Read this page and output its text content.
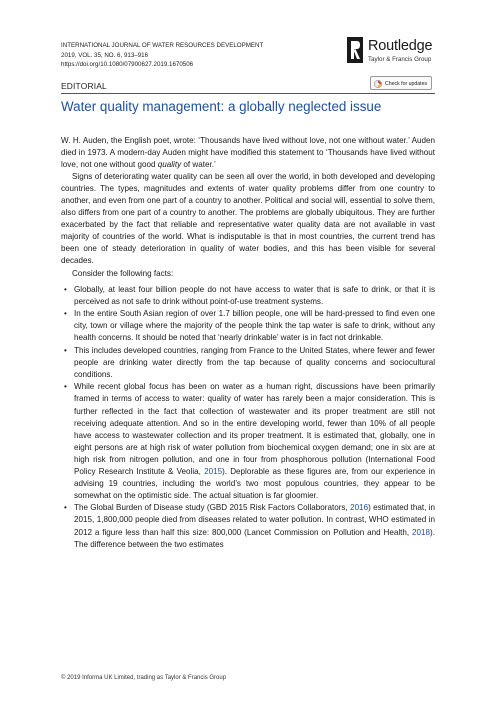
INTERNATIONAL JOURNAL OF WATER RESOURCES DEVELOPMENT
2019, VOL. 35, NO. 6, 913–916
https://doi.org/10.1080/07900627.2019.1670506
Routledge
Taylor & Francis Group
EDITORIAL	Check for updates
Water quality management: a globally neglected issue

W. H. Auden, the English poet, wrote: ‘Thousands have lived without love, not one without water.’ Auden died in 1973. A modern-day Auden might have modified this statement to ‘Thousands have lived without love, not one without good quality of water.’

Signs of deteriorating water quality can be seen all over the world, in both developed and developing countries. The types, magnitudes and extents of water quality problems differ from one country to another, and even from one part of a country to another. Political and social will, essential to solve them, also differs from one part of a country to another. The problems are globally ubiquitous. They are further exacerbated by the fact that reliable and representative water quality data are not available in vast majority of countries of the world. What is indisputable is that in most countries, the current trend has been one of steady deterioration in quality of water bodies, and this has been visible for several decades.

Consider the following facts:

• Globally, at least four billion people do not have access to water that is safe to drink, or that it is perceived as not safe to drink without point-of-use treatment systems.
• In the entire South Asian region of over 1.7 billion people, one will be hard-pressed to find even one city, town or village where the majority of the people think the tap water is safe to drink, without any health concerns. It should be noted that ‘nearly drinkable’ water is in fact not drinkable.
• This includes developed countries, ranging from France to the United States, where fewer and fewer people are drinking water directly from the tap because of quality concerns and sociocultural conditions.
• While recent global focus has been on water as a human right, discussions have been primarily framed in terms of access to water: quality of water has rarely been a major consideration. This is further reflected in the fact that collection of wastewater and its proper treatment are still not receiving adequate attention. And so in the entire developing world, fewer than 10% of all people have access to wastewater collection and its proper treatment. It is estimated that, globally, one in eight persons are at high risk of water pollution from biochemical oxygen demand; one in six are at high risk from nitrogen pollution, and one in four from phosphorous pollution (International Food Policy Research Institute & Veolia, 2015). Deplorable as these figures are, from our experience in advising 19 countries, including the world’s two most populous countries, they appear to be somewhat on the optimistic side. The actual situation is far gloomier.
• The Global Burden of Disease study (GBD 2015 Risk Factors Collaborators, 2016) estimated that, in 2015, 1,800,000 people died from diseases related to water pollution. In contrast, WHO estimated in 2012 a figure less than half this size: 800,000 (Lancet Commission on Pollution and Health, 2018). The difference between the two estimates
© 2019 Informa UK Limited, trading as Taylor & Francis Group
